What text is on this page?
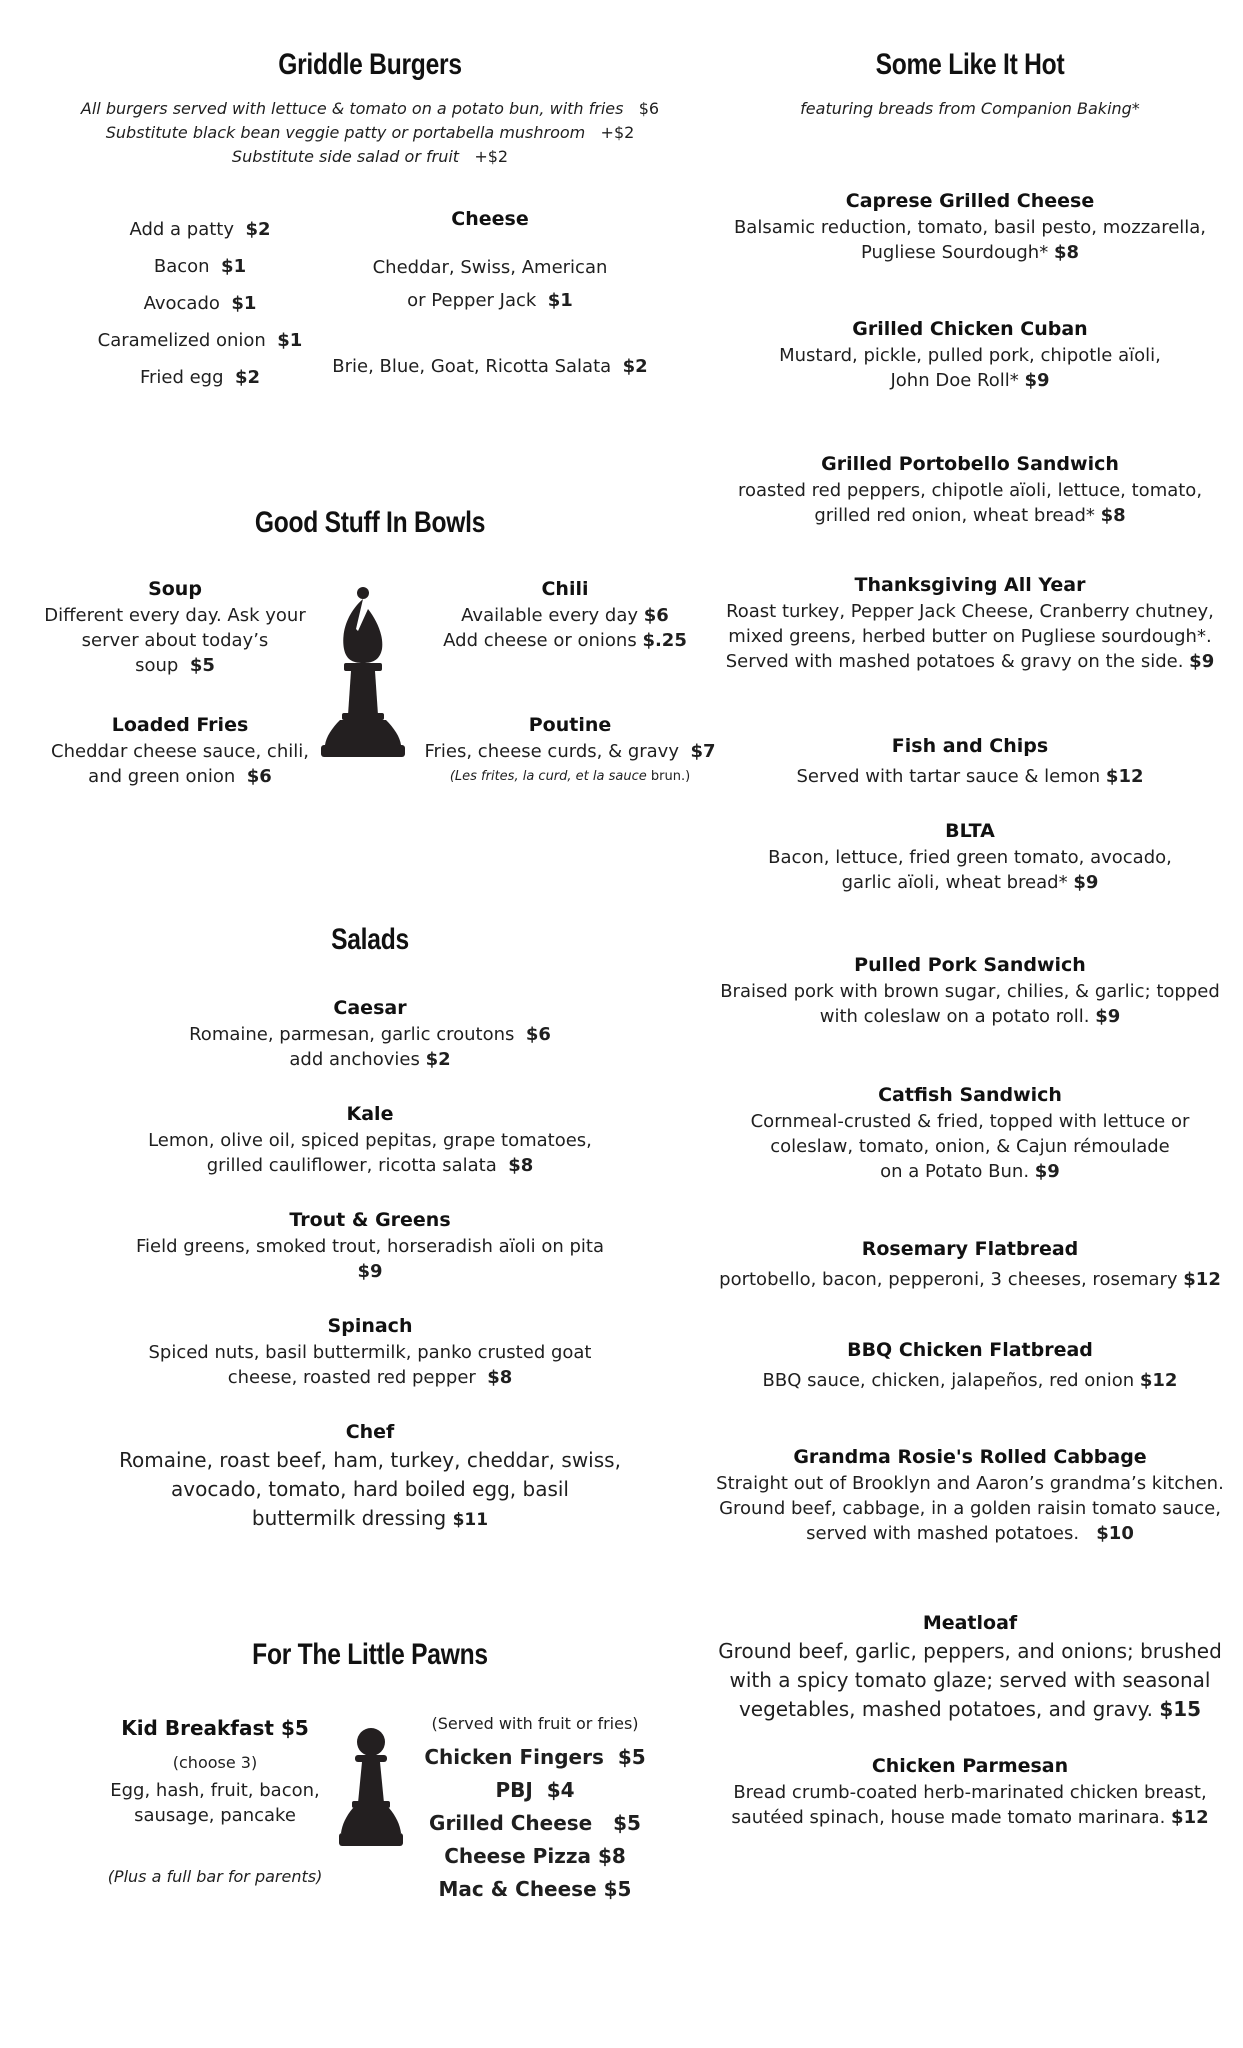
Griddle Burgers
All burgers served with lettuce & tomato on a potato bun, with fries $6
Substitute black bean veggie patty or portabella mushroom +$2
Substitute side salad or fruit +$2
Add a patty $2
Bacon $1
Avocado $1
Caramelized onion $1
Fried egg $2
Cheese
Cheddar, Swiss, American
or Pepper Jack $1
Brie, Blue, Goat, Ricotta Salata $2
Good Stuff In Bowls
Soup
Different every day. Ask your
server about today’s soup $5
Chili
Available every day $6
Add cheese or onions $.25
Loaded Fries
Cheddar cheese sauce, chili,
and green onion $6
Poutine
Fries, cheese curds, & gravy $7
(Les frites, la curd, et la sauce brun.)
Salads
Caesar
Romaine, parmesan, garlic croutons $6
add anchovies $2
Kale
Lemon, olive oil, spiced pepitas, grape tomatoes,
grilled cauliflower, ricotta salata $8
Trout & Greens
Field greens, smoked trout, horseradish aïoli on pita
$9
Spinach
Spiced nuts, basil buttermilk, panko crusted goat
cheese, roasted red pepper $8
Chef
Romaine, roast beef, ham, turkey, cheddar, swiss,
avocado, tomato, hard boiled egg, basil
buttermilk dressing $11
For The Little Pawns
Kid Breakfast $5
(choose 3)
Egg, hash, fruit, bacon,
sausage, pancake
(Plus a full bar for parents)
(Served with fruit or fries)
Chicken Fingers $5
PBJ $4
Grilled Cheese $5
Cheese Pizza $8
Mac & Cheese $5
Some Like It Hot
featuring breads from Companion Baking*
Caprese Grilled Cheese
Balsamic reduction, tomato, basil pesto, mozzarella,
Pugliese Sourdough* $8
Grilled Chicken Cuban
Mustard, pickle, pulled pork, chipotle aïoli,
John Doe Roll* $9
Grilled Portobello Sandwich
roasted red peppers, chipotle aïoli, lettuce, tomato,
grilled red onion, wheat bread* $8
Thanksgiving All Year
Roast turkey, Pepper Jack Cheese, Cranberry chutney,
mixed greens, herbed butter on Pugliese sourdough*.
Served with mashed potatoes & gravy on the side. $9
Fish and Chips
Served with tartar sauce & lemon $12
BLTA
Bacon, lettuce, fried green tomato, avocado,
garlic aïoli, wheat bread* $9
Pulled Pork Sandwich
Braised pork with brown sugar, chilies, & garlic; topped
with coleslaw on a potato roll. $9
Catfish Sandwich
Cornmeal-crusted & fried, topped with lettuce or
coleslaw, tomato, onion, & Cajun rémoulade
on a Potato Bun. $9
Rosemary Flatbread
portobello, bacon, pepperoni, 3 cheeses, rosemary $12
BBQ Chicken Flatbread
BBQ sauce, chicken, jalapeños, red onion $12
Grandma Rosie's Rolled Cabbage
Straight out of Brooklyn and Aaron’s grandma’s kitchen.
Ground beef, cabbage, in a golden raisin tomato sauce,
served with mashed potatoes. $10
Meatloaf
Ground beef, garlic, peppers, and onions; brushed
with a spicy tomato glaze; served with seasonal
vegetables, mashed potatoes, and gravy. $15
Chicken Parmesan
Bread crumb-coated herb-marinated chicken breast,
sautéed spinach, house made tomato marinara. $12
